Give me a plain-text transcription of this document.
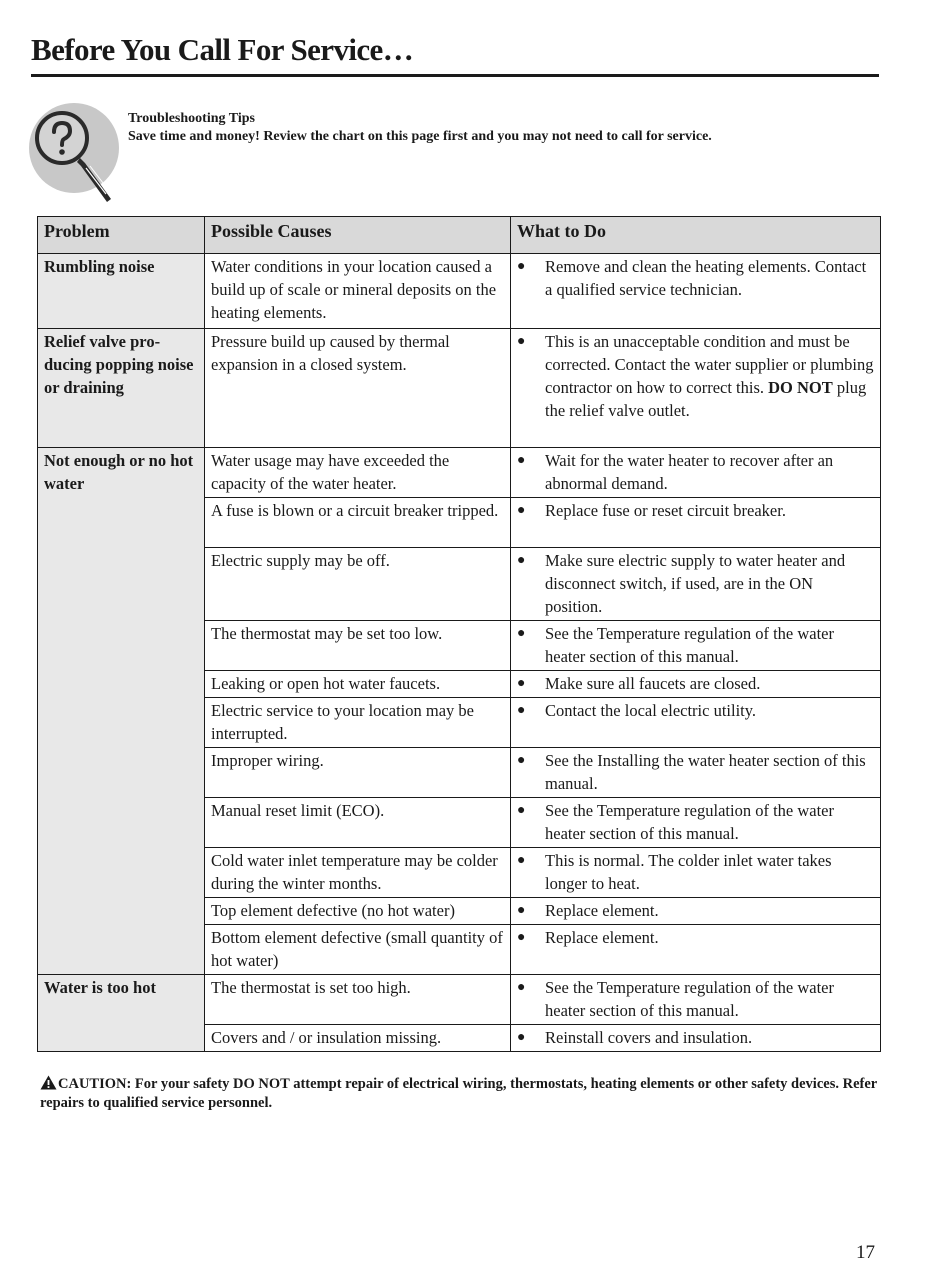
Before You Call For Service…
Troubleshooting Tips
Save time and money! Review the chart on this page first and you may not need to call for service.
Problem	Possible Causes	What to Do
Rumbling noise	Water conditions in your location caused a build up of scale or mineral deposits on the heating elements.	● Remove and clean the heating elements. Contact a qualified service technician.

Relief valve pro-ducing popping noise or draining	Pressure build up caused by thermal expansion in a closed system.	● This is an unacceptable condition and must be corrected. Contact the water supplier or plumbing contractor on how to correct this. DO NOT plug the relief valve outlet.

Not enough or no hot water	Water usage may have exceeded the capacity of the water heater.	● Wait for the water heater to recover after an abnormal demand.

	A fuse is blown or a circuit breaker tripped.	● Replace fuse or reset circuit breaker.

	Electric supply may be off.	● Make sure electric supply to water heater and disconnect switch, if used, are in the ON position.

	The thermostat may be set too low.	● See the Temperature regulation of the water heater section of this manual.

	Leaking or open hot water faucets.	● Make sure all faucets are closed.

	Electric service to your location may be interrupted.	● Contact the local electric utility.

	Improper wiring.	● See the Installing the water heater section of this manual.

	Manual reset limit (ECO).	● See the Temperature regulation of the water heater section of this manual.

	Cold water inlet temperature may be colder during the winter months.	● This is normal. The colder inlet water takes longer to heat.

	Top element defective (no hot water)	● Replace element.

	Bottom element defective (small quantity of hot water)	● Replace element.

Water is too hot	The thermostat is set too high.	● See the Temperature regulation of the water heater section of this manual.

	Covers and / or insulation missing.	● Reinstall covers and insulation.
CAUTION: For your safety DO NOT attempt repair of electrical wiring, thermostats, heating elements or other safety devices. Refer repairs to qualified service personnel.
17
